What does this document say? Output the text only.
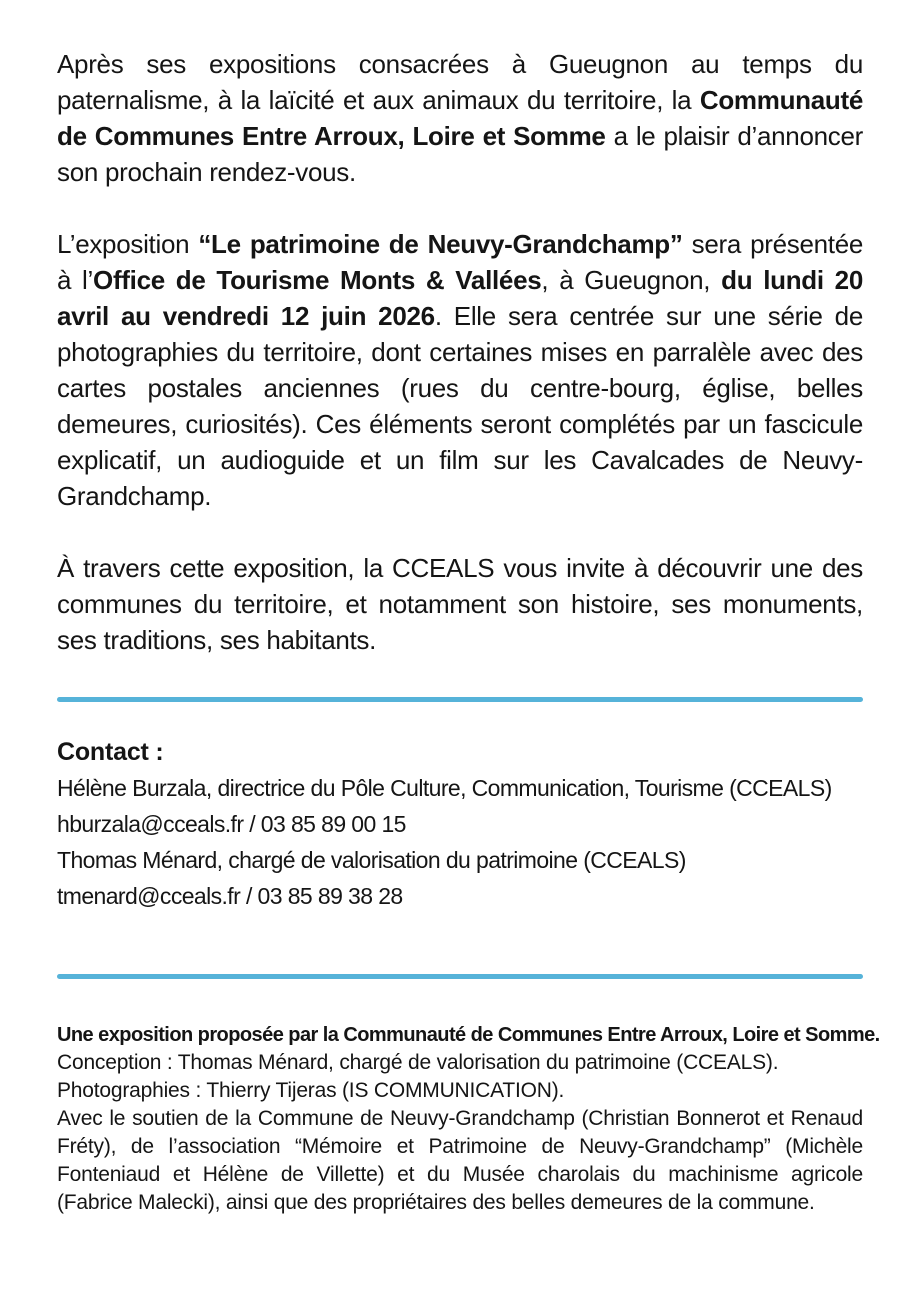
Après ses expositions consacrées à Gueugnon au temps du paternalisme, à la laïcité et aux animaux du territoire, la Communauté de Communes Entre Arroux, Loire et Somme a le plaisir d’annoncer son prochain rendez-vous.

L’exposition “Le patrimoine de Neuvy-Grandchamp” sera présentée à l’Office de Tourisme Monts & Vallées, à Gueugnon, du lundi 20 avril au vendredi 12 juin 2026. Elle sera centrée sur une série de photographies du territoire, dont certaines mises en parralèle avec des cartes postales anciennes (rues du centre-bourg, église, belles demeures, curiosités). Ces éléments seront complétés par un fascicule explicatif, un audioguide et un film sur les Cavalcades de Neuvy-Grandchamp.

À travers cette exposition, la CCEALS vous invite à découvrir une des communes du territoire, et notamment son histoire, ses monuments, ses traditions, ses habitants.

Contact :

Hélène Burzala, directrice du Pôle Culture, Communication, Tourisme (CCEALS)

hburzala@cceals.fr / 03 85 89 00 15

Thomas Ménard, chargé de valorisation du patrimoine (CCEALS)

tmenard@cceals.fr / 03 85 89 38 28

Une exposition proposée par la Communauté de Communes Entre Arroux, Loire et Somme.

Conception : Thomas Ménard, chargé de valorisation du patrimoine (CCEALS).

Photographies : Thierry Tijeras (IS COMMUNICATION).

Avec le soutien de la Commune de Neuvy-Grandchamp (Christian Bonnerot et Renaud Fréty), de l’association “Mémoire et Patrimoine de Neuvy-Grandchamp” (Michèle Fonteniaud et Hélène de Villette) et du Musée charolais du machinisme agricole (Fabrice Malecki), ainsi que des propriétaires des belles demeures de la commune.
